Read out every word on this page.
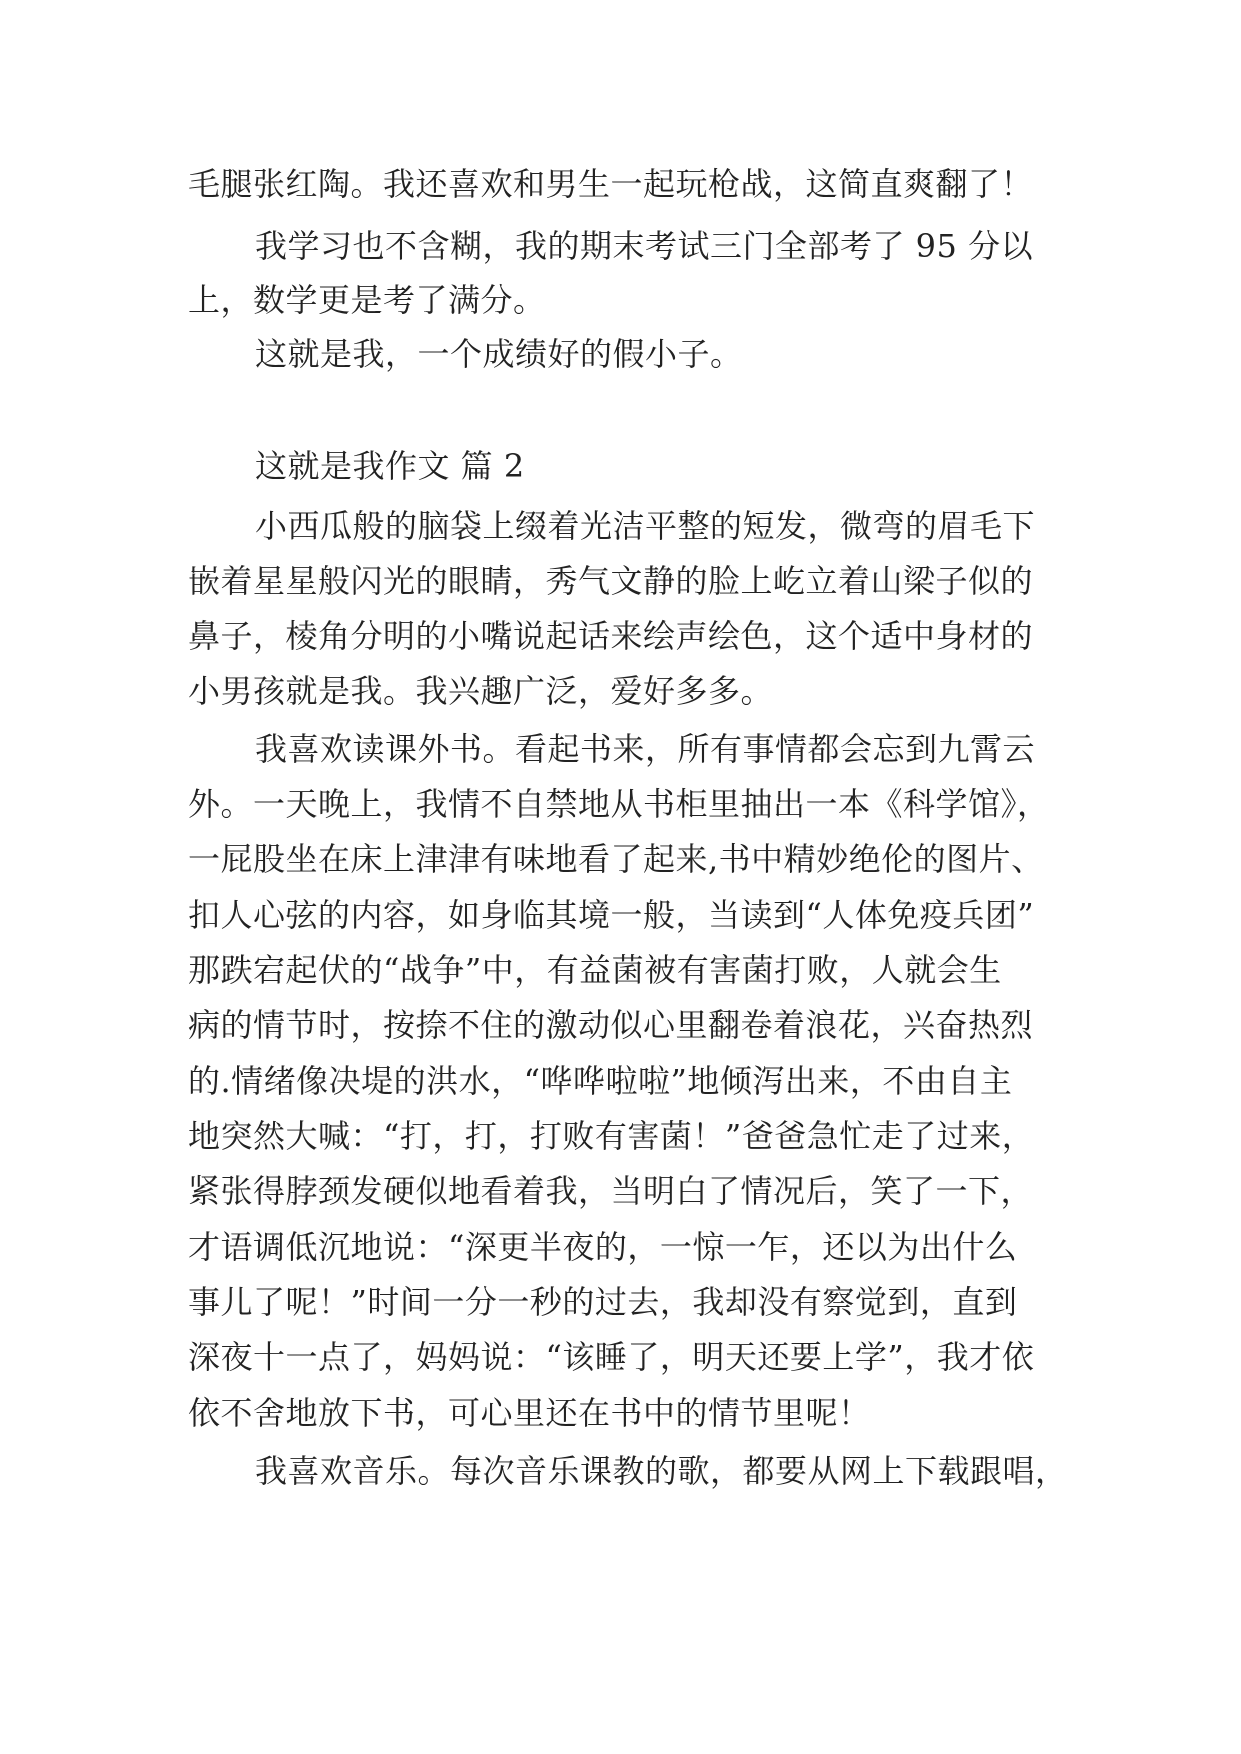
毛腿张红陶。我还喜欢和男生一起玩枪战，这简直爽翻了！
我学习也不含糊，我的期末考试三门全部考了 95 分以
上，数学更是考了满分。
这就是我，一个成绩好的假小子。
这就是我作文 篇 2
小西瓜般的脑袋上缀着光洁平整的短发，微弯的眉毛下
嵌着星星般闪光的眼睛，秀气文静的脸上屹立着山梁子似的
鼻子，棱角分明的小嘴说起话来绘声绘色，这个适中身材的
小男孩就是我。我兴趣广泛，爱好多多。
我喜欢读课外书。看起书来，所有事情都会忘到九霄云
外。一天晚上，我情不自禁地从书柜里抽出一本《科学馆》，
一屁股坐在床上津津有味地看了起来,书中精妙绝伦的图片、
扣人心弦的内容，如身临其境一般，当读到“人体免疫兵团”
那跌宕起伏的“战争”中，有益菌被有害菌打败，人就会生
病的情节时，按捺不住的激动似心里翻卷着浪花，兴奋热烈
的.情绪像决堤的洪水，“哗哗啦啦”地倾泻出来，不由自主
地突然大喊：“打，打，打败有害菌！”爸爸急忙走了过来，
紧张得脖颈发硬似地看着我，当明白了情况后，笑了一下，
才语调低沉地说：“深更半夜的，一惊一乍，还以为出什么
事儿了呢！”时间一分一秒的过去，我却没有察觉到，直到
深夜十一点了，妈妈说：“该睡了，明天还要上学”，我才依
依不舍地放下书，可心里还在书中的情节里呢！
我喜欢音乐。每次音乐课教的歌，都要从网上下载跟唱，
